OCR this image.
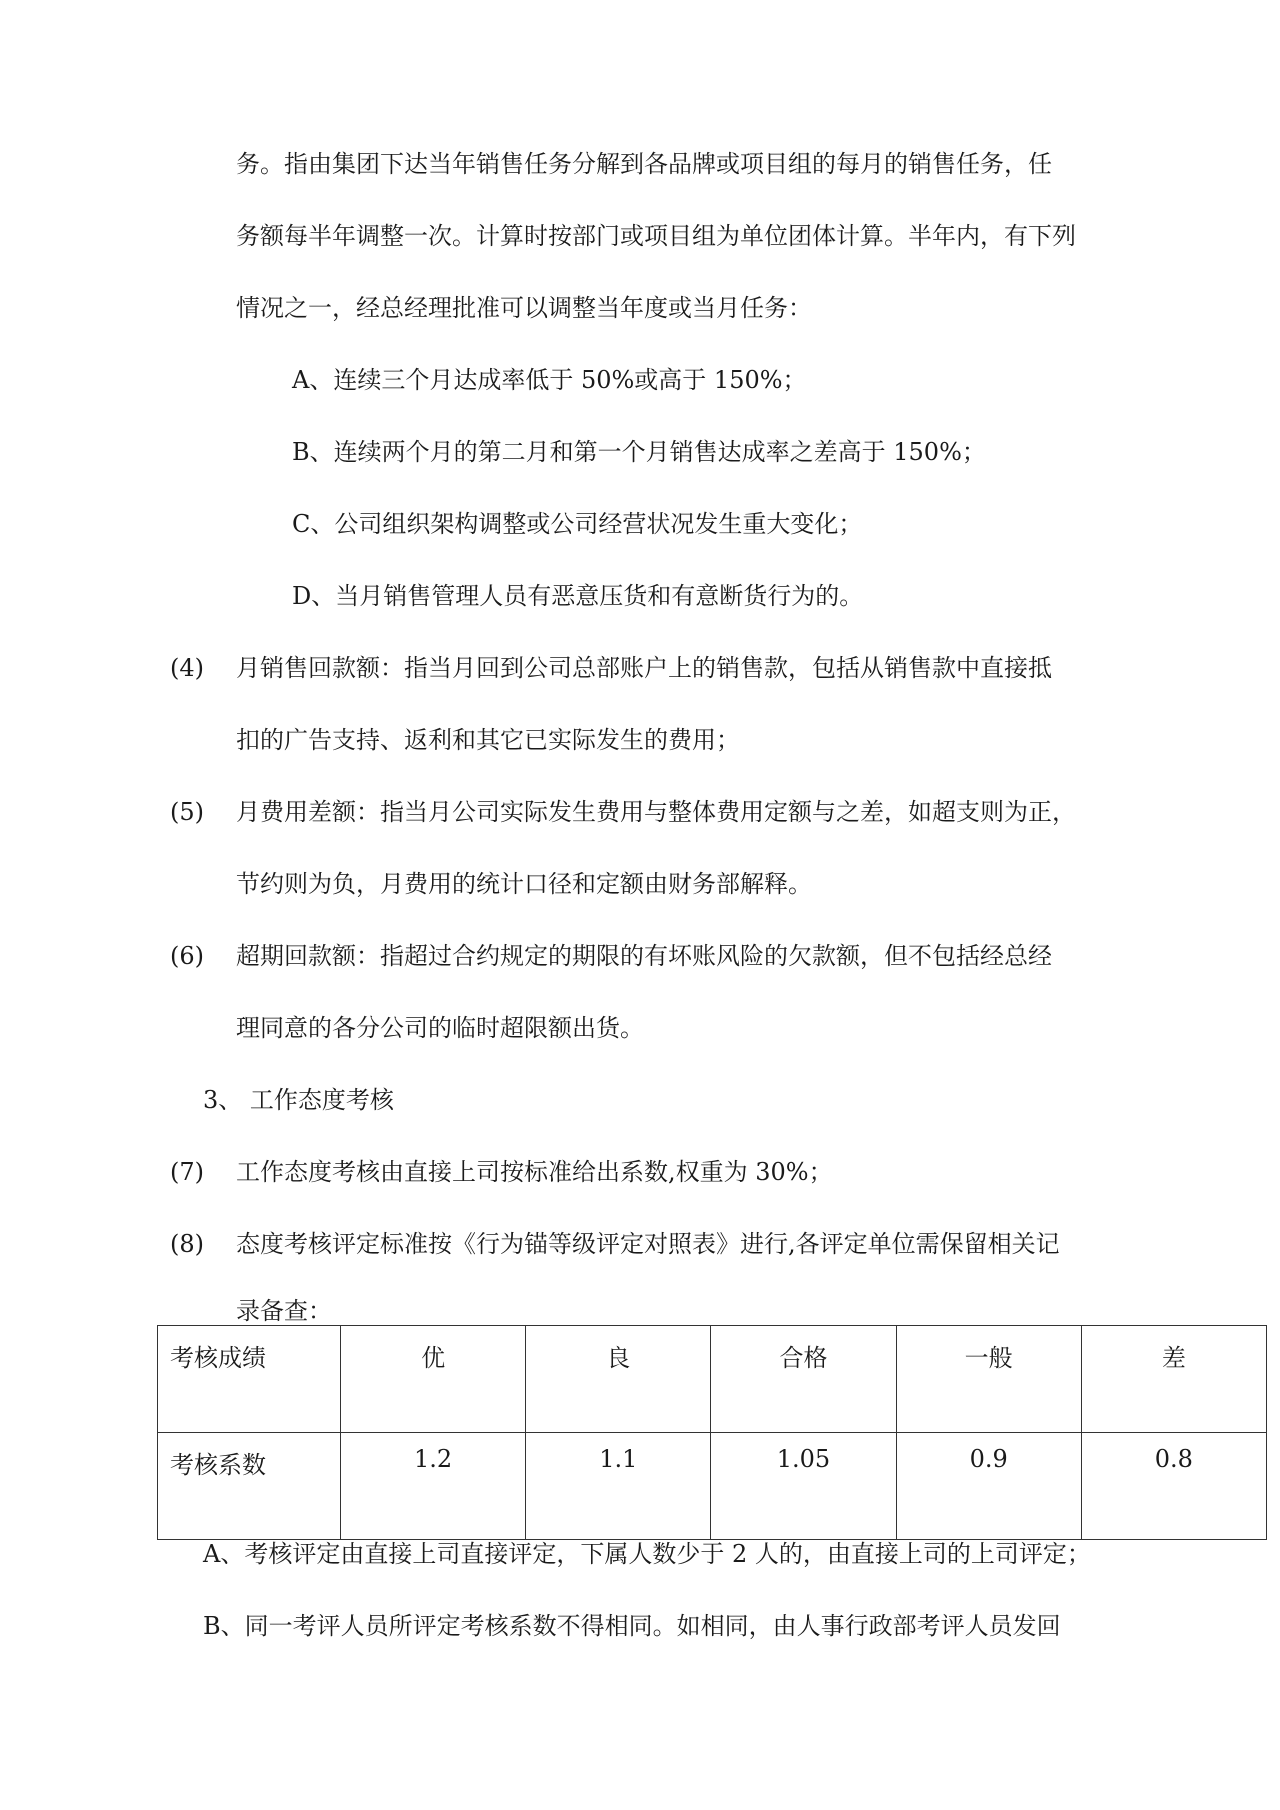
务。指由集团下达当年销售任务分解到各品牌或项目组的每月的销售任务，任
务额每半年调整一次。计算时按部门或项目组为单位团体计算。半年内，有下列
情况之一，经总经理批准可以调整当年度或当月任务：
A、连续三个月达成率低于 50%或高于 150%；
B、连续两个月的第二月和第一个月销售达成率之差高于 150%；
C、公司组织架构调整或公司经营状况发生重大变化；
D、当月销售管理人员有恶意压货和有意断货行为的。
(4) 月销售回款额：指当月回到公司总部账户上的销售款，包括从销售款中直接抵
扣的广告支持、返利和其它已实际发生的费用；
(5) 月费用差额：指当月公司实际发生费用与整体费用定额与之差，如超支则为正，
节约则为负，月费用的统计口径和定额由财务部解释。
(6) 超期回款额：指超过合约规定的期限的有坏账风险的欠款额，但不包括经总经
理同意的各分公司的临时超限额出货。
3、 工作态度考核
(7) 工作态度考核由直接上司按标准给出系数,权重为 30%；
(8) 态度考核评定标准按《行为锚等级评定对照表》进行,各评定单位需保留相关记
录备查：
考核成绩	优	良	合格	一般	差
考核系数	1.2	1.1	1.05	0.9	0.8
A、考核评定由直接上司直接评定，下属人数少于 2 人的，由直接上司的上司评定；
B、同一考评人员所评定考核系数不得相同。如相同，由人事行政部考评人员发回
